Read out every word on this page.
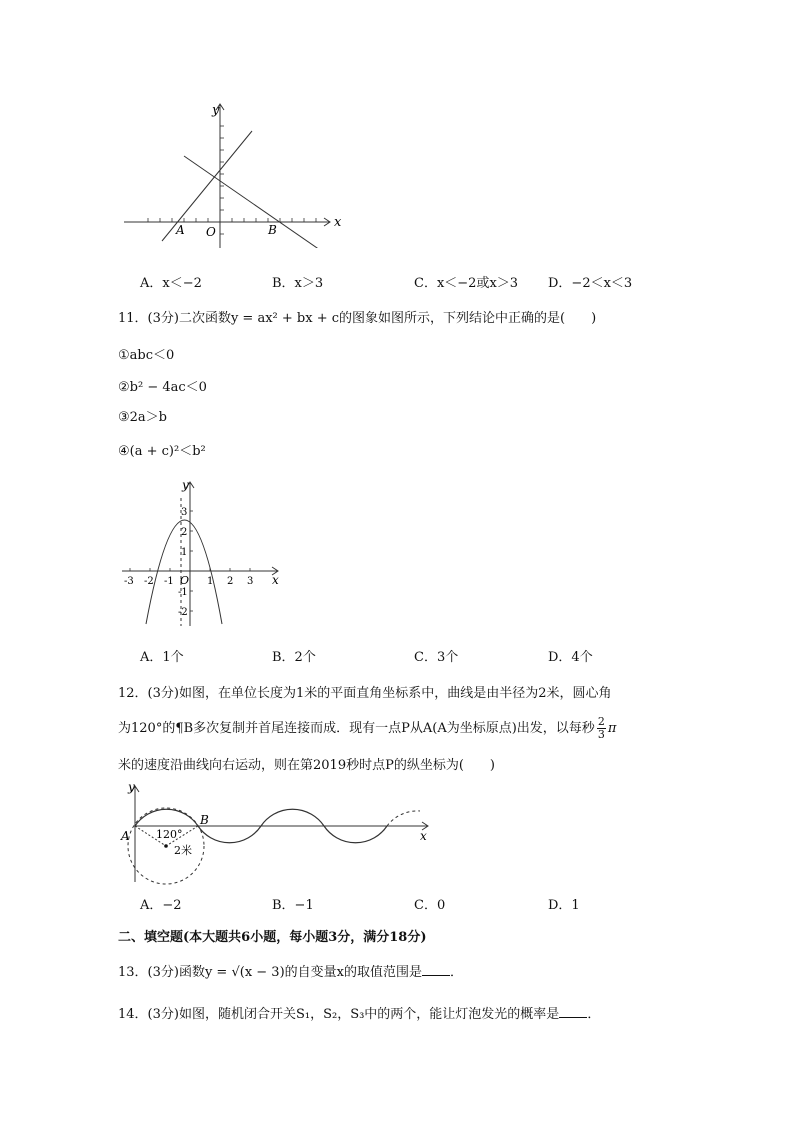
y
x
O
A	B
A．x＜−2	B．x＞3	C．x＜−2或x＞3 D．−2＜x＜3
11．(3分)二次函数y = ax² + bx + c的图象如图所示，下列结论中正确的是(　　)
①abc＜0
②b² − 4ac＜0
③2a＞b
④(a + c)²＜b²
-3 -2 -1	1 2 3
3
2
1
-1
-2
y
x
O
A．1个	B．2个	C．3个	D．4个
12．(3分)如图，在单位长度为1米的平面直角坐标系中，曲线是由半径为2米，圆心角
为120°的¶B多次复制并首尾连接而成．现有一点P从A(A为坐标原点)出发，以每秒 $\frac{2}{3}$ π
米的速度沿曲线向右运动，则在第2019秒时点P的纵坐标为(　　)
y
x
A
B
120°
2米
A．−2	B．−1	C．0	D．1
二、填空题(本大题共6小题，每小题3分，满分18分)
13．(3分)函数y = √(x − 3)的自变量x的取值范围是 ．
14．(3分)如图，随机闭合开关S₁，S₂，S₃中的两个，能让灯泡发光的概率是 ．
